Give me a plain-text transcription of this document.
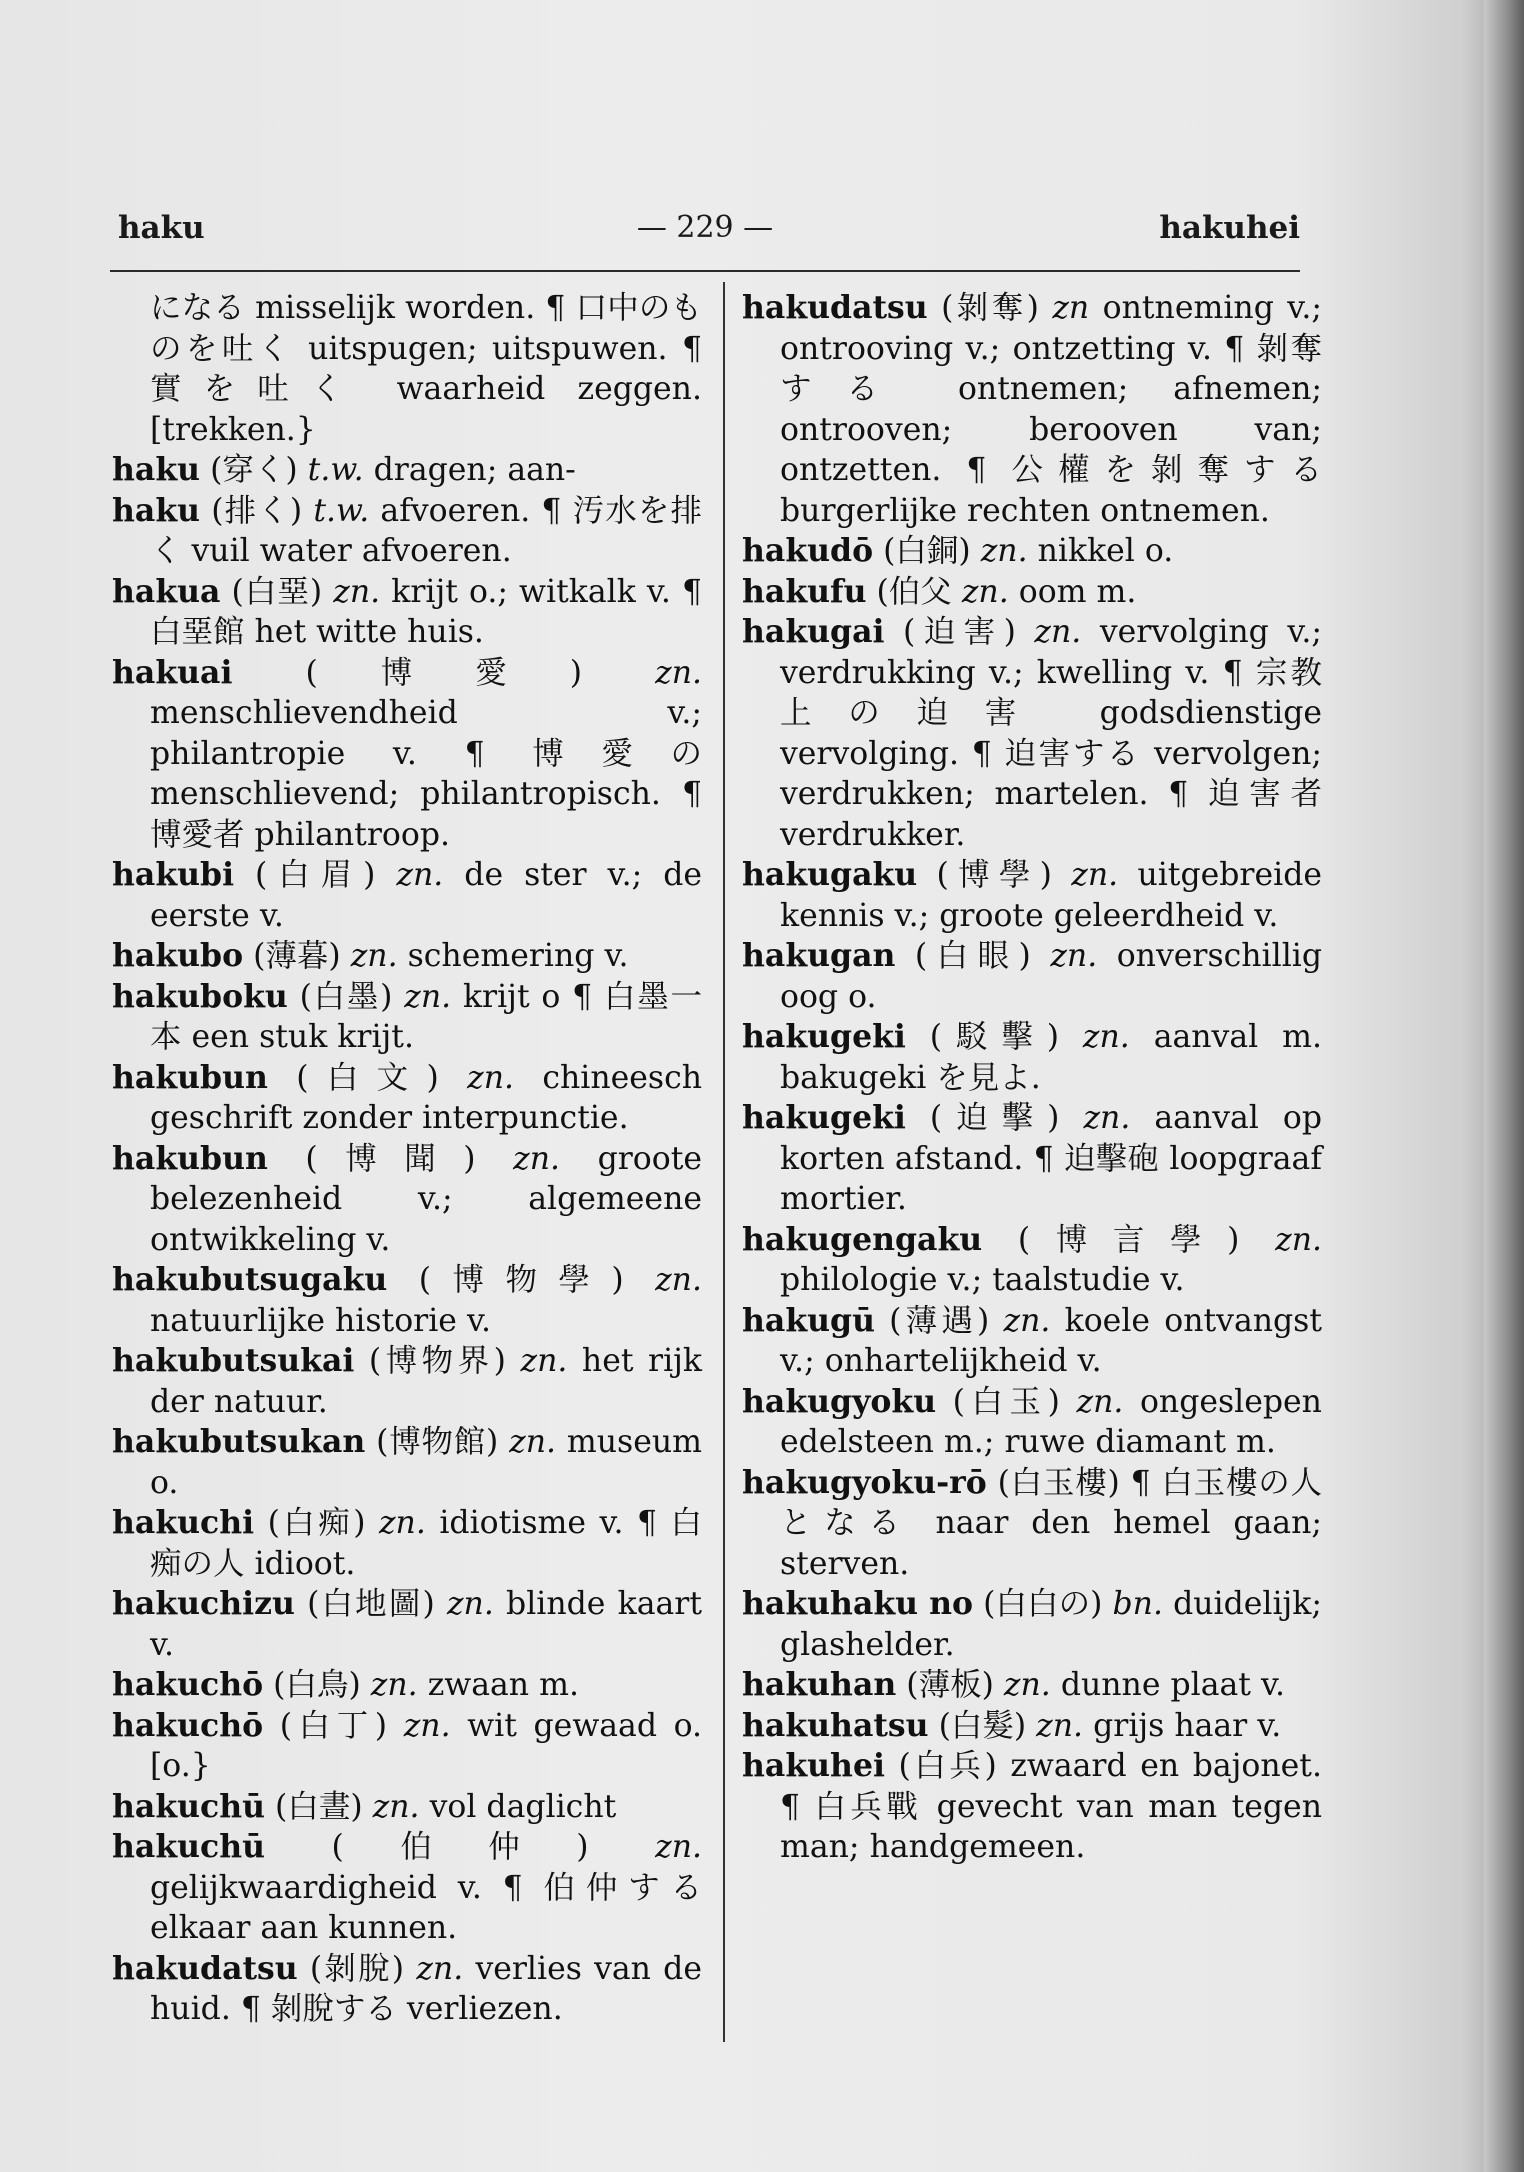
haku	— 229 —	hakuhei

になる misselijk worden. ¶ 口中のものを吐く uitspugen; uitspuwen. ¶ 實を吐く waarheid zeggen. [trekken.}

haku (穿く) t.w. dragen; aan-

haku (排く) t.w. afvoeren. ¶ 汚水を排く vuil water afvoeren.

hakua (白堊) zn. krijt o.; witkalk v. ¶ 白堊館 het witte huis.

hakuai (博愛) zn. menschlievendheid v.; philantropie v. ¶ 博愛の menschlievend; philantropisch. ¶ 博愛者 philantroop.

hakubi (白眉) zn. de ster v.; de eerste v.

hakubo (薄暮) zn. schemering v.

hakuboku (白墨) zn. krijt o ¶ 白墨一本 een stuk krijt.

hakubun (白文) zn. chineesch geschrift zonder interpunctie.

hakubun (博聞) zn. groote belezenheid v.; algemeene ontwikkeling v.

hakubutsugaku (博物學) zn. natuurlijke historie v.

hakubutsukai (博物界) zn. het rijk der natuur.

hakubutsukan (博物館) zn. museum o.

hakuchi (白痴) zn. idiotisme v. ¶ 白痴の人 idioot.

hakuchizu (白地圖) zn. blinde kaart v.

hakuchō (白鳥) zn. zwaan m.

hakuchō (白丁) zn. wit gewaad o. [o.}

hakuchū (白晝) zn. vol daglicht

hakuchū (伯仲) zn. gelijkwaardigheid v. ¶ 伯仲する elkaar aan kunnen.

hakudatsu (剝脫) zn. verlies van de huid. ¶ 剝脫する verliezen.

hakudatsu (剝奪) zn ontneming v.; ontrooving v.; ontzetting v. ¶ 剝奪する ontnemen; afnemen; ontrooven; berooven van; ontzetten. ¶ 公權を剝奪する burgerlijke rechten ontnemen.

hakudō (白銅) zn. nikkel o.

hakufu (伯父 zn. oom m.

hakugai (迫害) zn. vervolging v.; verdrukking v.; kwelling v. ¶ 宗教上の迫害 godsdienstige vervolging. ¶ 迫害する vervolgen; verdrukken; martelen. ¶ 迫害者 verdrukker.

hakugaku (博學) zn. uitgebreide kennis v.; groote geleerdheid v.

hakugan (白眼) zn. onverschillig oog o.

hakugeki (駁擊) zn. aanval m. bakugeki を見よ.

hakugeki (迫擊) zn. aanval op korten afstand. ¶ 迫擊砲 loopgraaf mortier.

hakugengaku (博言學) zn. philologie v.; taalstudie v.

hakugū (薄遇) zn. koele ontvangst v.; onhartelijkheid v.

hakugyoku (白玉) zn. ongeslepen edelsteen m.; ruwe diamant m.

hakugyoku-rō (白玉樓) ¶ 白玉樓の人となる naar den hemel gaan; sterven.

hakuhaku no (白白の) bn. duidelijk; glashelder.

hakuhan (薄板) zn. dunne plaat v.

hakuhatsu (白髮) zn. grijs haar v.

hakuhei (白兵) zwaard en bajonet. ¶ 白兵戰 gevecht van man tegen man; handgemeen.
